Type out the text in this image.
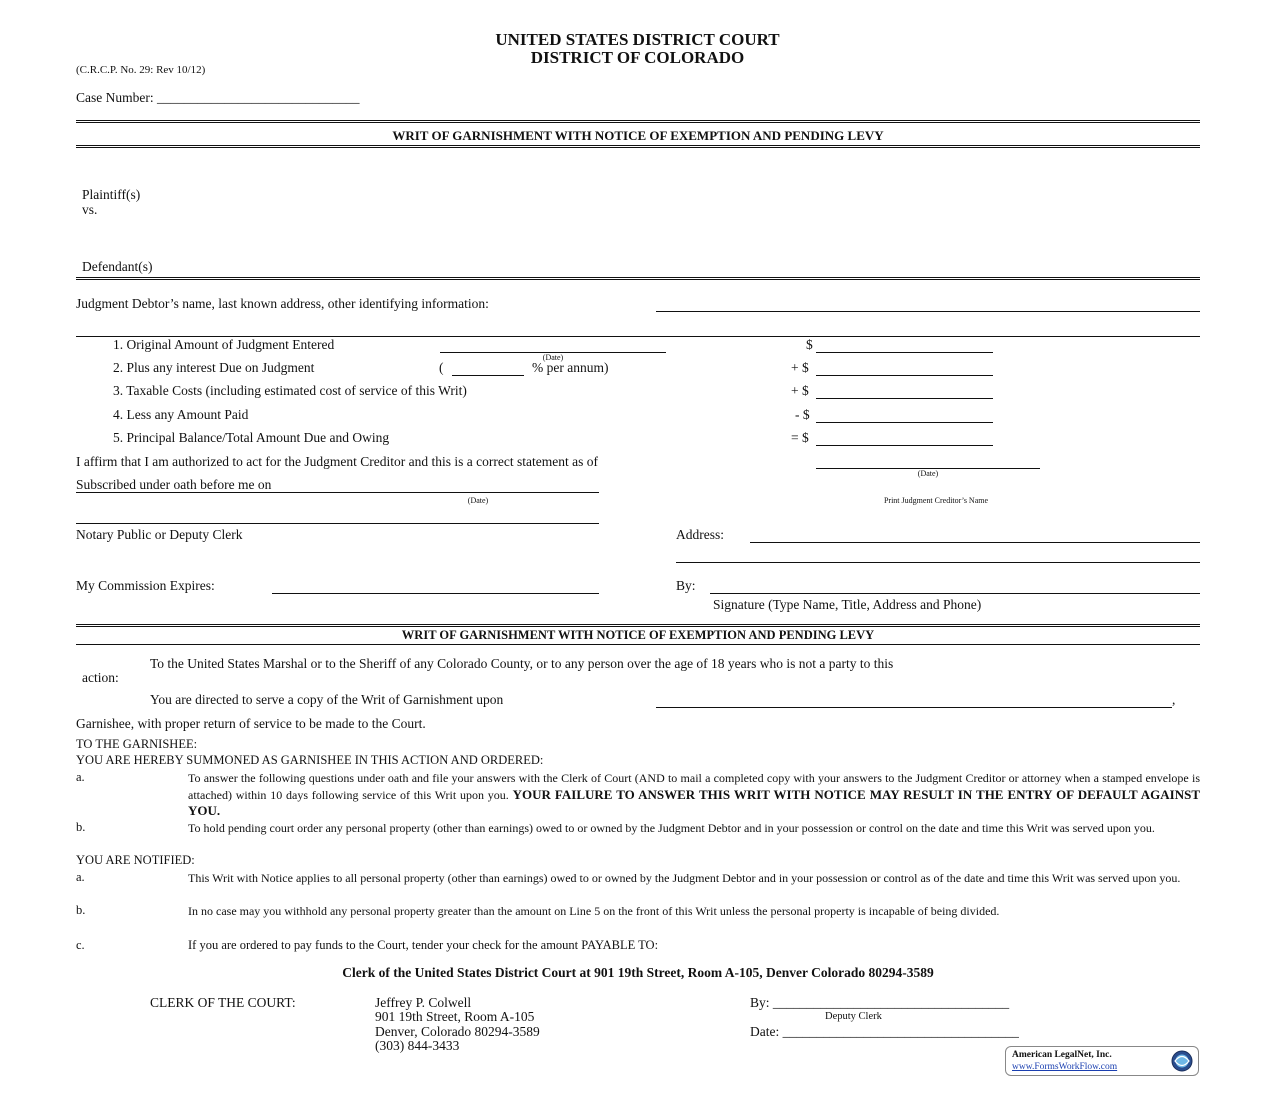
UNITED STATES DISTRICT COURT
DISTRICT OF COLORADO
(C.R.C.P. No. 29: Rev 10/12)
Case Number: ______________________________
WRIT OF GARNISHMENT WITH NOTICE OF EXEMPTION AND PENDING LEVY
Plaintiff(s)
vs.
Defendant(s)
Judgment Debtor’s name, last known address, other identifying information:
1. Original Amount of Judgment Entered
(Date)
$
2. Plus any interest Due on Judgment	(	% per annum)	+ $
3. Taxable Costs (including estimated cost of service of this Writ)	+ $
4. Less any Amount Paid	- $
5. Principal Balance/Total Amount Due and Owing	= $
I affirm that I am authorized to act for the Judgment Creditor and this is a correct statement as of
(Date)
Subscribed under oath before me on
(Date)	Print Judgment Creditor’s Name
Notary Public or Deputy Clerk	Address:
My Commission Expires:	By:
Signature (Type Name, Title, Address and Phone)
WRIT OF GARNISHMENT WITH NOTICE OF EXEMPTION AND PENDING LEVY
To the United States Marshal or to the Sheriff of any Colorado County, or to any person over the age of 18 years who is not a party to this
action:
You are directed to serve a copy of the Writ of Garnishment upon	,
Garnishee, with proper return of service to be made to the Court.
TO THE GARNISHEE:
YOU ARE HEREBY SUMMONED AS GARNISHEE IN THIS ACTION AND ORDERED:
a.	To answer the following questions under oath and file your answers with the Clerk of Court (AND to mail a completed copy with your answers to the Judgment Creditor or attorney when a stamped envelope is attached) within 10 days following service of this Writ upon you. YOUR FAILURE TO ANSWER THIS WRIT WITH NOTICE MAY RESULT IN THE ENTRY OF DEFAULT AGAINST YOU.
b.	To hold pending court order any personal property (other than earnings) owed to or owned by the Judgment Debtor and in your possession or control on the date and time this Writ was served upon you.
YOU ARE NOTIFIED:
a.	This Writ with Notice applies to all personal property (other than earnings) owed to or owned by the Judgment Debtor and in your possession or control as of the date and time this Writ was served upon you.
b.	In no case may you withhold any personal property greater than the amount on Line 5 on the front of this Writ unless the personal property is incapable of being divided.
c.	If you are ordered to pay funds to the Court, tender your check for the amount PAYABLE TO:
Clerk of the United States District Court at 901 19th Street, Room A-105, Denver Colorado 80294-3589
CLERK OF THE COURT:	Jeffrey P. Colwell
901 19th Street, Room A-105
Denver, Colorado 80294-3589
(303) 844-3433
By: ___________________________________
Deputy Clerk
Date: ___________________________________
American LegalNet, Inc.
www.FormsWorkFlow.com
